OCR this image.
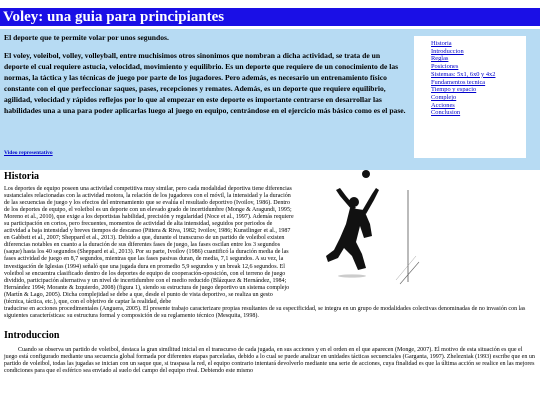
Voley: una guia para principiantes

El deporte que te permite volar por unos segundos.

El voley, voleibol, volley, volleyball, entre muchisimos otros sinonimos que nombran a dicha actividad, se trata de un deporte el cual requiere astucia, velocidad, movimiento y equilibrio. Es un deporte que requiere de un conocimiento de las normas, la táctica y las técnicas de juego por parte de los jugadores. Pero además, es necesario un entrenamiento físico constante con el que perfeccionar saques, pases, recepciones y remates. Además, es un deporte que requiere equilibrio, agilidad, velocidad y rápidos reflejos por lo que al empezar en este deporte es importante centrarse en desarrollar las habilidades una a una para poder aplicarlas luego al juego en equipo, centrándose en el ejercicio más básico como es el pase.

Video representativo
Historia
Introduccion
Reglas
Posiciones
Sistemas: 5x1, 6x0 y 4x2
Fundamentos tecnica
Tiempo y espacio
Complejo
Acciones
Conclusion
Historia

Los deportes de equipo poseen una actividad competitiva muy similar, pero cada modalidad deportiva tiene diferencias sustanciales relacionadas con la actividad motora, la relación de los jugadores con el móvil, la intensidad y la duración de las secuencias de juego y los efectos del entrenamiento que se evalúa el resultado deportivo (Ivoilov, 1986). Dentro de los deportes de equipo, el voleibol es un deporte con un elevado grado de incertidumbre (Monge & Aragundi, 1995; Moreno et al., 2010), que exige a los deportistas habilidad, precisión y regularidad (Noce et al., 1997). Además requiere su participación en cortos, pero frecuentes, momentos de actividad de alta intensidad, seguidos por periodos de actividad a baja intensidad y breves tiempos de descanso (Pittera & Riva, 1982; Ivoilov, 1986; Kunstlinger et al., 1987 en Gabbett et al., 2007; Sheppard et al., 2013). Debido a que, durante el transcurso de un partido de voleibol existen diferencias notables en cuanto a la duración de sus diferentes fases de juego, las fases oscilan entre los 3 segundos (saque) hasta los 40 segundos (Sheppard et al., 2013). Por su parte, Ivoilov (1986) cuantificó la duración media de las fases actividad de juego en 8,7 segundos, mientras que las fases pasivas duran, de media, 7,1 segundos. A su vez, la investigación de Iglesias (1994) señaló que una jugada dura en promedio 5,9 segundos y un break 12,6 segundos. El voleibol se encuentra clasificado dentro de los deportes de equipo de cooperación-oposición, con el terreno de juego dividido, participación alternativa y un nivel de incertidumbre con el medio reducido (Blázquez & Hernández, 1984; Hernández 1994; Morante & Izquierdo, 2008) (figura 1), siendo su estructura de juego deportivo un sistema complejo (Martín & Lago, 2005). Dicha complejidad se debe a que, desde el punto de vista deportivo, se realiza un gesto (técnica, táctica, etc.), que, con el objetivo de captar la realidad, debe

traducirse en acciones procedimentales (Anguera, 2005). El presente trabajo caracterizare propias resultantes de su especificidad, se integra en un grupo de modalidades colectivas denominadas de no invasión con las siguientes características: su estructura formal y composición de su reglamento técnico (Mesquita, 1998).

Introduccion
Cuando se observa un partido de voleibol, destaca la gran similitud inicial en el transcurso de cada jugada, en sus acciones y en el orden en el que aparecen (Monge, 2007). El motivo de esta situación es que el juego está configurado mediante una secuencia global formada por diferentes etapas parceladas, debido a lo cual se puede analizar en unidades tácticas secuenciales (Garganta, 1997). Zhelezniak (1993) escribe que en un partido de voleibol, todas las jugadas se inician con un saque que, si traspasa la red, el equipo contrario intentará devolverlo mediante una serie de acciones, cuya finalidad es que la última acción se realice en las mejores condiciones para que el esférico sea enviado al suelo del campo del equipo rival. Debiendo este mismo
